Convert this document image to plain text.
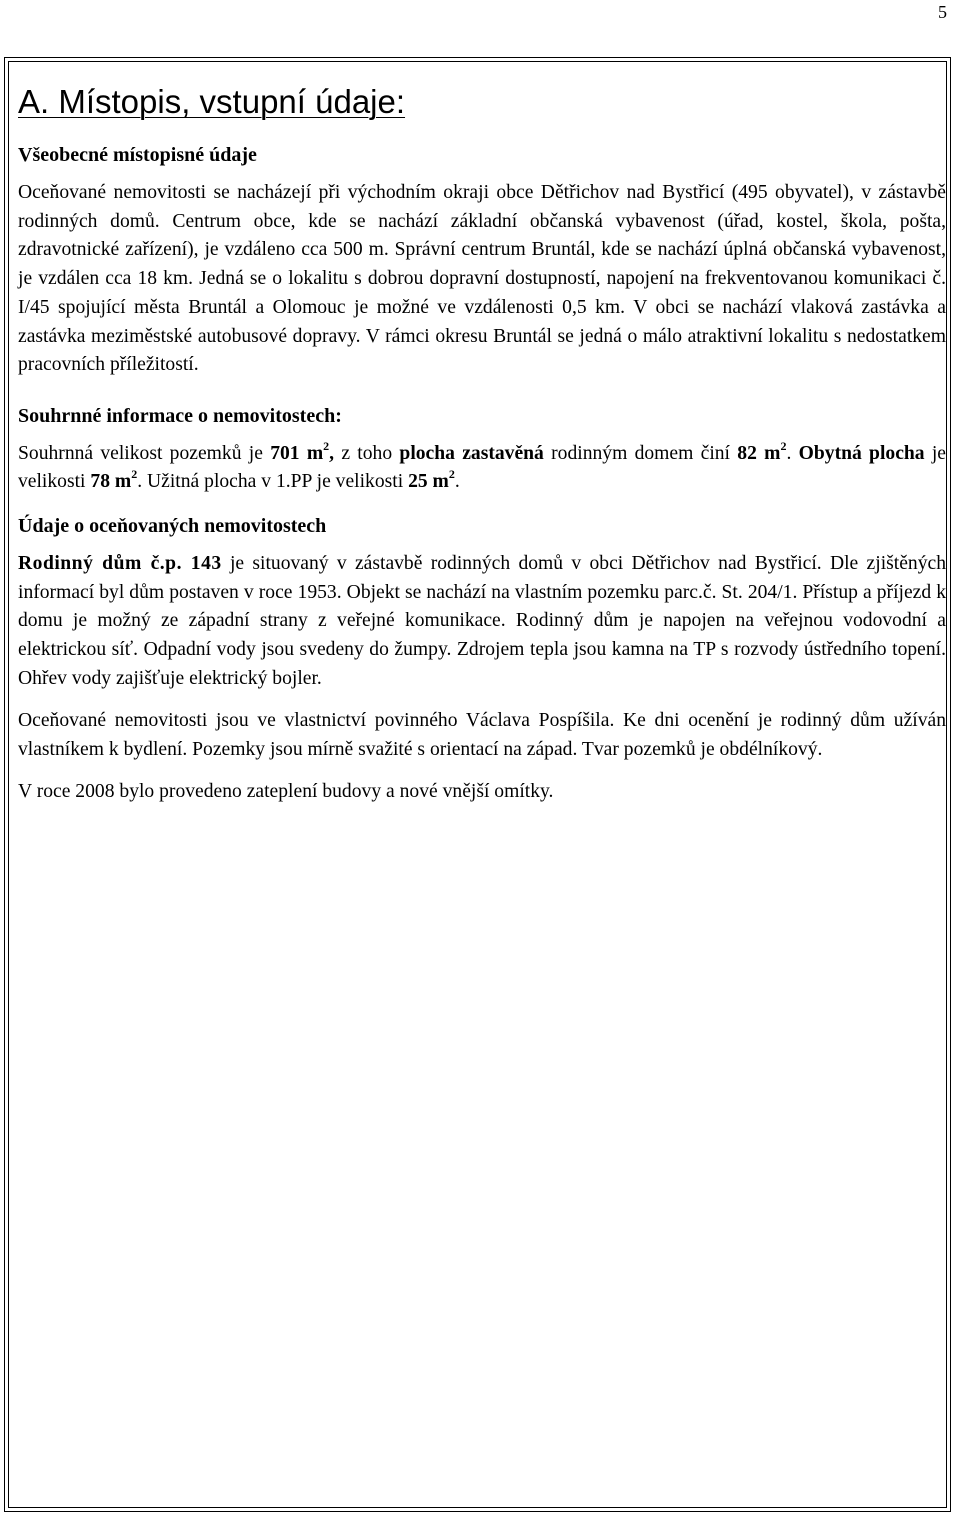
5
A. Místopis, vstupní údaje:
Všeobecné místopisné údaje

Oceňované nemovitosti se nacházejí při východním okraji obce Dětřichov nad Bystřicí (495 obyvatel), v zástavbě rodinných domů. Centrum obce, kde se nachází základní občanská vybavenost (úřad, kostel, škola, pošta, zdravotnické zařízení), je vzdáleno cca 500 m. Správní centrum Bruntál, kde se nachází úplná občanská vybavenost, je vzdálen cca 18 km. Jedná se o lokalitu s dobrou dopravní dostupností, napojení na frekventovanou komunikaci č. I/45 spojující města Bruntál a Olomouc je možné ve vzdálenosti 0,5 km. V obci se nachází vlaková zastávka a zastávka meziměstské autobusové dopravy. V rámci okresu Bruntál se jedná o málo atraktivní lokalitu s nedostatkem pracovních příležitostí.

Souhrnné informace o nemovitostech:

Souhrnná velikost pozemků je 701 $m^2$, z toho plocha zastavěná rodinným domem činí 82 $m^2$. Obytná plocha je velikosti 78 $m^2$. Užitná plocha v 1.PP je velikosti 25 $m^2$.

Údaje o oceňovaných nemovitostech

Rodinný dům č.p. 143 je situovaný v zástavbě rodinných domů v obci Dětřichov nad Bystřicí. Dle zjištěných informací byl dům postaven v roce 1953. Objekt se nachází na vlastním pozemku parc.č. St. 204/1. Přístup a příjezd k domu je možný ze západní strany z veřejné komunikace. Rodinný dům je napojen na veřejnou vodovodní a elektrickou síť. Odpadní vody jsou svedeny do žumpy. Zdrojem tepla jsou kamna na TP s rozvody ústředního topení. Ohřev vody zajišťuje elektrický bojler.

Oceňované nemovitosti jsou ve vlastnictví povinného Václava Pospíšila. Ke dni ocenění je rodinný dům užíván vlastníkem k bydlení. Pozemky jsou mírně svažité s orientací na západ. Tvar pozemků je obdélníkový.

V roce 2008 bylo provedeno zateplení budovy a nové vnější omítky.
